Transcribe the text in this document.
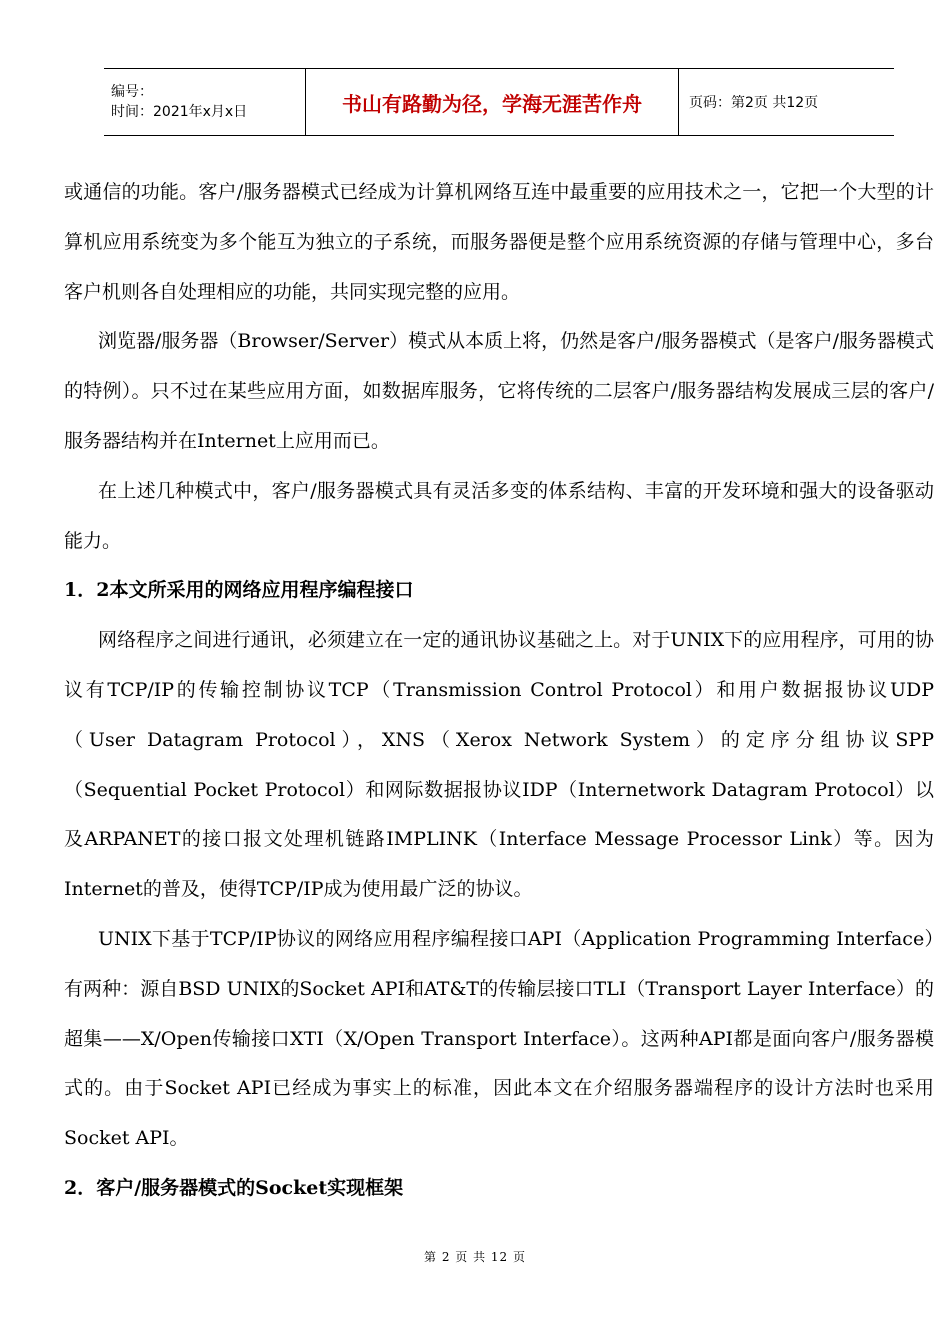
编号：
时间：2021年x月x日	书山有路勤为径，学海无涯苦作舟	页码：第2页 共12页

或通信的功能。客户/服务器模式已经成为计算机网络互连中最重要的应用技术之一，它把一个大型的计算机应用系统变为多个能互为独立的子系统，而服务器便是整个应用系统资源的存储与管理中心，多台客户机则各自处理相应的功能，共同实现完整的应用。

浏览器/服务器（Browser/Server）模式从本质上将，仍然是客户/服务器模式（是客户/服务器模式的特例）。只不过在某些应用方面，如数据库服务，它将传统的二层客户/服务器结构发展成三层的客户/服务器结构并在Internet上应用而已。

在上述几种模式中，客户/服务器模式具有灵活多变的体系结构、丰富的开发环境和强大的设备驱动能力。

1．2本文所采用的网络应用程序编程接口

网络程序之间进行通讯，必须建立在一定的通讯协议基础之上。对于UNIX下的应用程序，可用的协议有TCP/IP的传输控制协议TCP（Transmission Control Protocol）和用户数据报协议UDP（User Datagram Protocol），XNS（Xerox Network System）的定序分组协议SPP（Sequential Pocket Protocol）和网际数据报协议IDP（Internetwork Datagram Protocol）以及ARPANET的接口报文处理机链路IMPLINK（Interface Message Processor Link）等。因为Internet的普及，使得TCP/IP成为使用最广泛的协议。

UNIX下基于TCP/IP协议的网络应用程序编程接口API（Application Programming Interface）有两种：源自BSD UNIX的Socket API和AT&T的传输层接口TLI（Transport Layer Interface）的超集——X/Open传输接口XTI（X/Open Transport Interface）。这两种API都是面向客户/服务器模式的。由于Socket API已经成为事实上的标准，因此本文在介绍服务器端程序的设计方法时也采用Socket API。

2．客户/服务器模式的Socket实现框架

第 2 页 共 12 页
